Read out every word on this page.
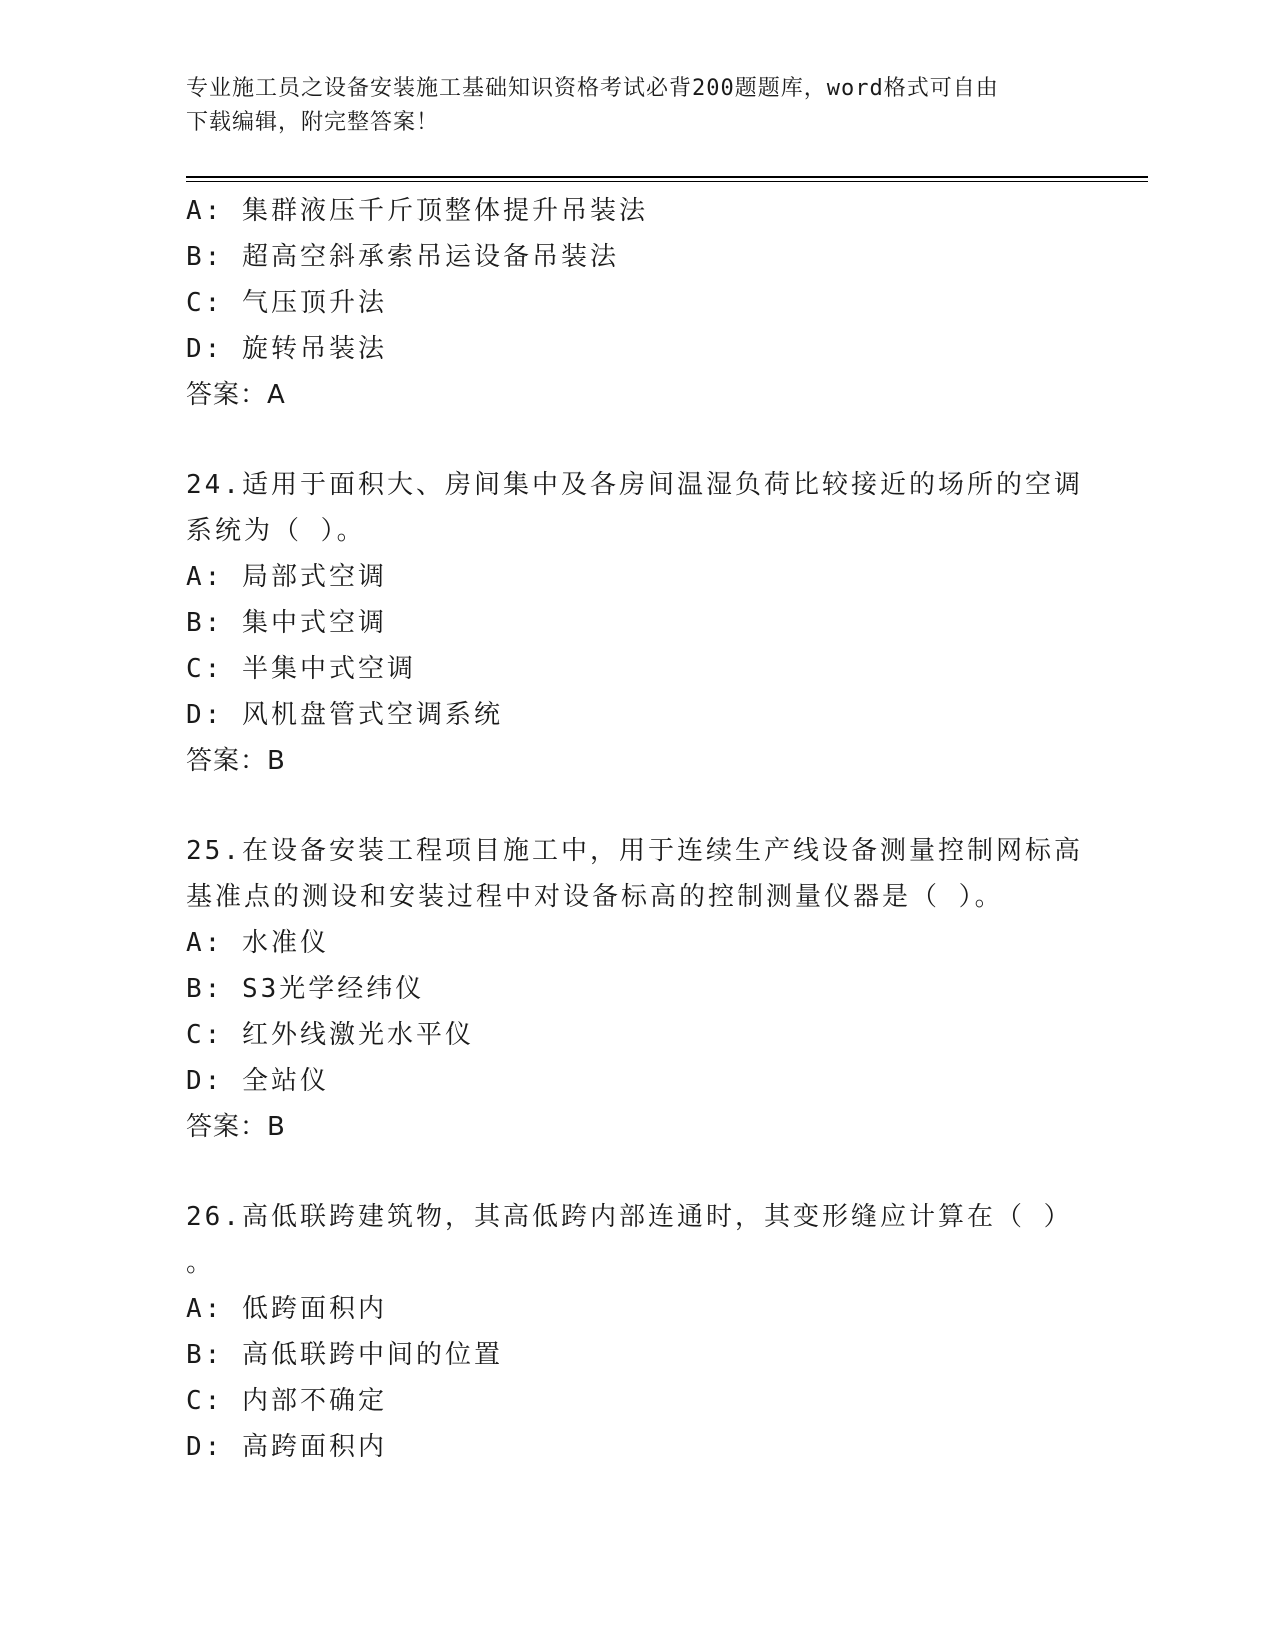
专业施工员之设备安装施工基础知识资格考试必背200题题库，word格式可自由
下载编辑，附完整答案！
A: 集群液压千斤顶整体提升吊装法
B: 超高空斜承索吊运设备吊装法
C: 气压顶升法
D: 旋转吊装法
答案：A
24.适用于面积大、房间集中及各房间温湿负荷比较接近的场所的空调
系统为（ ）。
A: 局部式空调
B: 集中式空调
C: 半集中式空调
D: 风机盘管式空调系统
答案：B
25.在设备安装工程项目施工中，用于连续生产线设备测量控制网标高
基准点的测设和安装过程中对设备标高的控制测量仪器是（ ）。
A: 水准仪
B: S3光学经纬仪
C: 红外线激光水平仪
D: 全站仪
答案：B
26.高低联跨建筑物，其高低跨内部连通时，其变形缝应计算在（ ）
。
A: 低跨面积内
B: 高低联跨中间的位置
C: 内部不确定
D: 高跨面积内
